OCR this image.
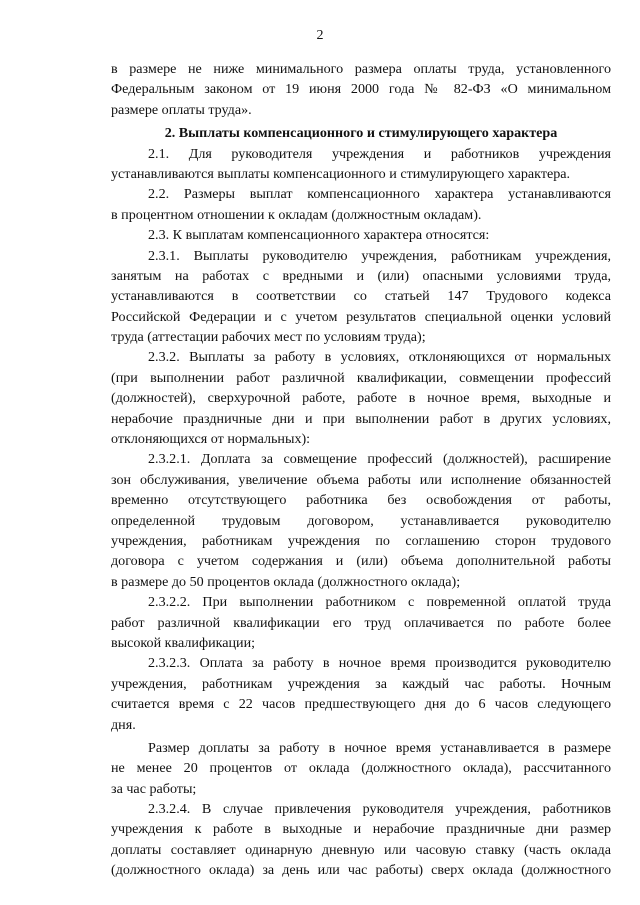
2
в размере не ниже минимального размера оплаты труда, установленного
Федеральным законом от 19 июня 2000 года № 82-ФЗ «О минимальном
размере оплаты труда».
2. Выплаты компенсационного и стимулирующего характера
2.1. Для руководителя учреждения и работников учреждения
устанавливаются выплаты компенсационного и стимулирующего характера.
2.2. Размеры выплат компенсационного характера устанавливаются
в процентном отношении к окладам (должностным окладам).
2.3. К выплатам компенсационного характера относятся:
2.3.1. Выплаты руководителю учреждения, работникам учреждения,
занятым на работах с вредными и (или) опасными условиями труда,
устанавливаются в соответствии со статьей 147 Трудового кодекса
Российской Федерации и с учетом результатов специальной оценки условий
труда (аттестации рабочих мест по условиям труда);
2.3.2. Выплаты за работу в условиях, отклоняющихся от нормальных
(при выполнении работ различной квалификации, совмещении профессий
(должностей), сверхурочной работе, работе в ночное время, выходные и
нерабочие праздничные дни и при выполнении работ в других условиях,
отклоняющихся от нормальных):
2.3.2.1. Доплата за совмещение профессий (должностей), расширение
зон обслуживания, увеличение объема работы или исполнение обязанностей
временно отсутствующего работника без освобождения от работы,
определенной трудовым договором, устанавливается руководителю
учреждения, работникам учреждения по соглашению сторон трудового
договора с учетом содержания и (или) объема дополнительной работы
в размере до 50 процентов оклада (должностного оклада);
2.3.2.2. При выполнении работником с повременной оплатой труда
работ различной квалификации его труд оплачивается по работе более
высокой квалификации;
2.3.2.3. Оплата за работу в ночное время производится руководителю
учреждения, работникам учреждения за каждый час работы. Ночным
считается время с 22 часов предшествующего дня до 6 часов следующего
дня.
Размер доплаты за работу в ночное время устанавливается в размере
не менее 20 процентов от оклада (должностного оклада), рассчитанного
за час работы;
2.3.2.4. В случае привлечения руководителя учреждения, работников
учреждения к работе в выходные и нерабочие праздничные дни размер
доплаты составляет одинарную дневную или часовую ставку (часть оклада
(должностного оклада) за день или час работы) сверх оклада (должностного
